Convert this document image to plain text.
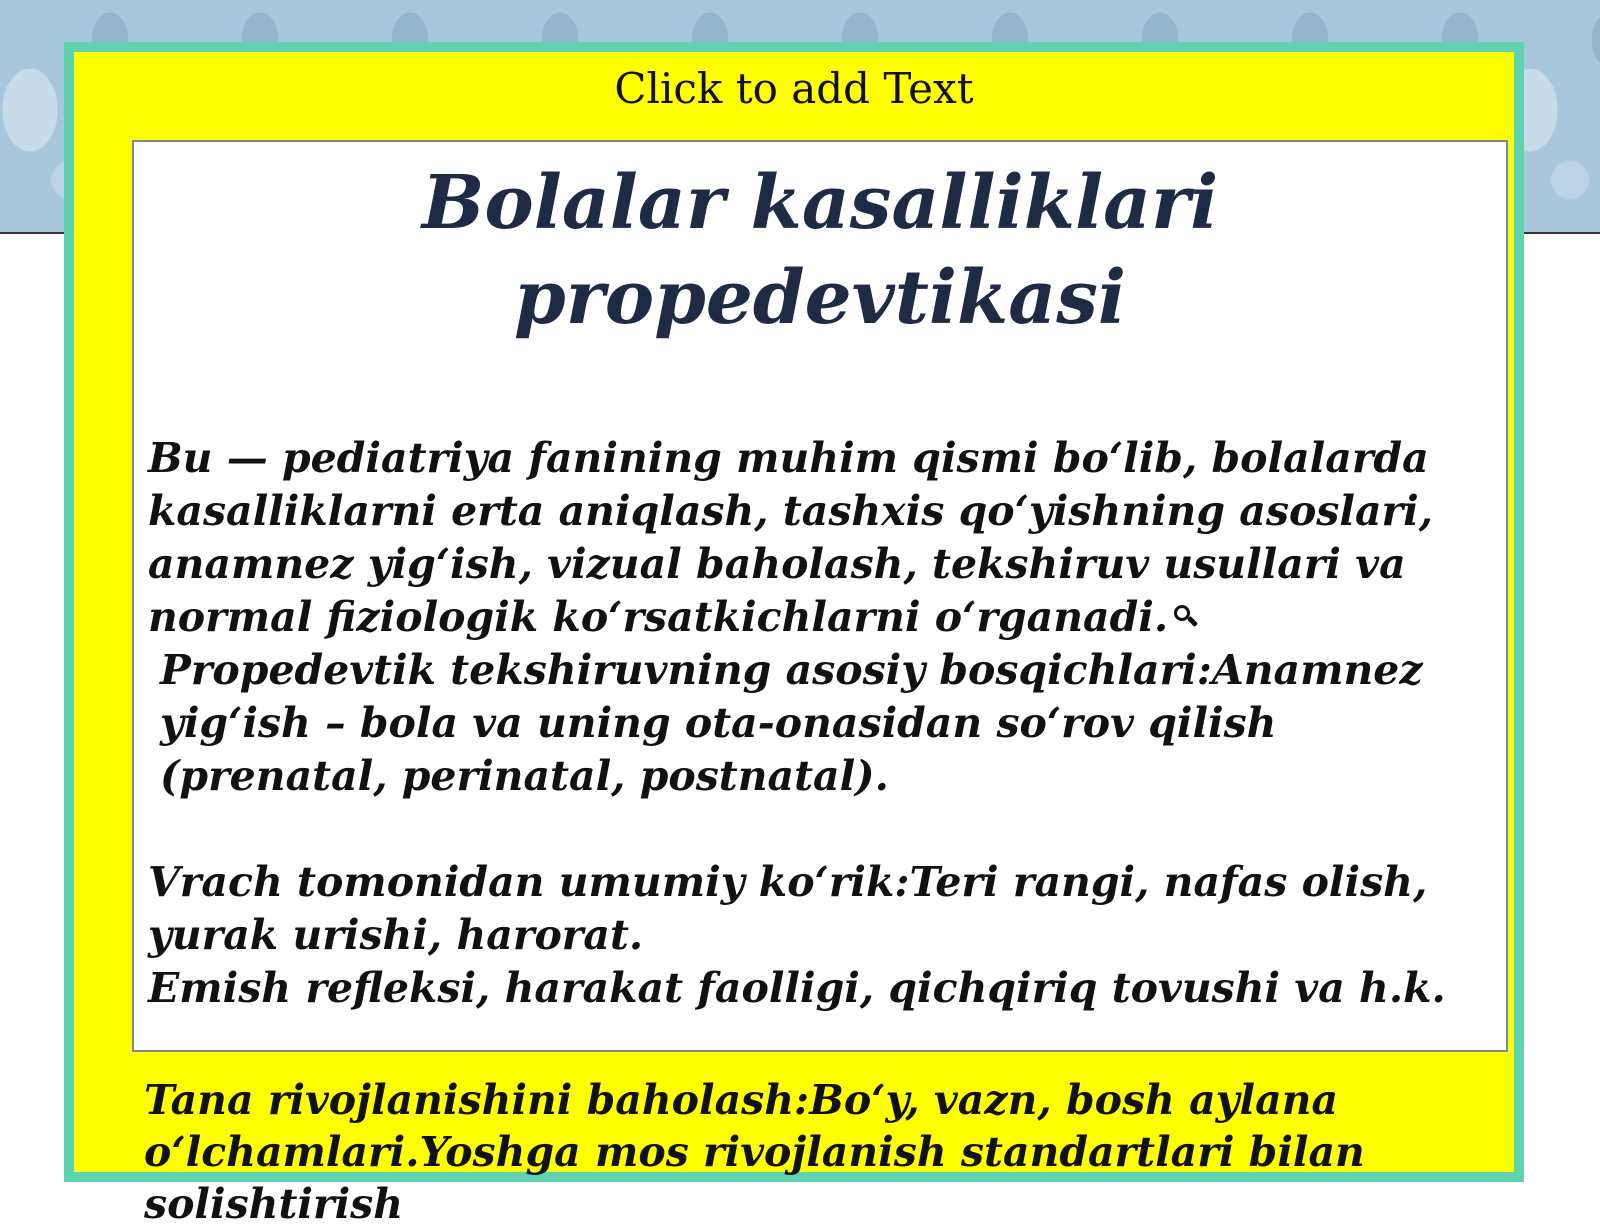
Click to add Text
Bolalar kasalliklari
propedevtikasi

Bu — pediatriya fanining muhim qismi bo‘lib, bolalarda kasalliklarni erta aniqlash, tashxis qo‘yishning asoslari, anamnez yig‘ish, vizual baholash, tekshiruv usullari va normal fiziologik ko‘rsatkichlarni o‘rganadi.

Propedevtik tekshiruvning asosiy bosqichlari:Anamnez yig‘ish – bola va uning ota-onasidan so‘rov qilish (prenatal, perinatal, postnatal).

Vrach tomonidan umumiy ko‘rik:Teri rangi, nafas olish, yurak urishi, harorat.

Emish refleksi, harakat faolligi, qichqiriq tovushi va h.k.

Tana rivojlanishini baholash:Bo‘y, vazn, bosh aylana o‘lchamlari.Yoshga mos rivojlanish standartlari bilan solishtirish
